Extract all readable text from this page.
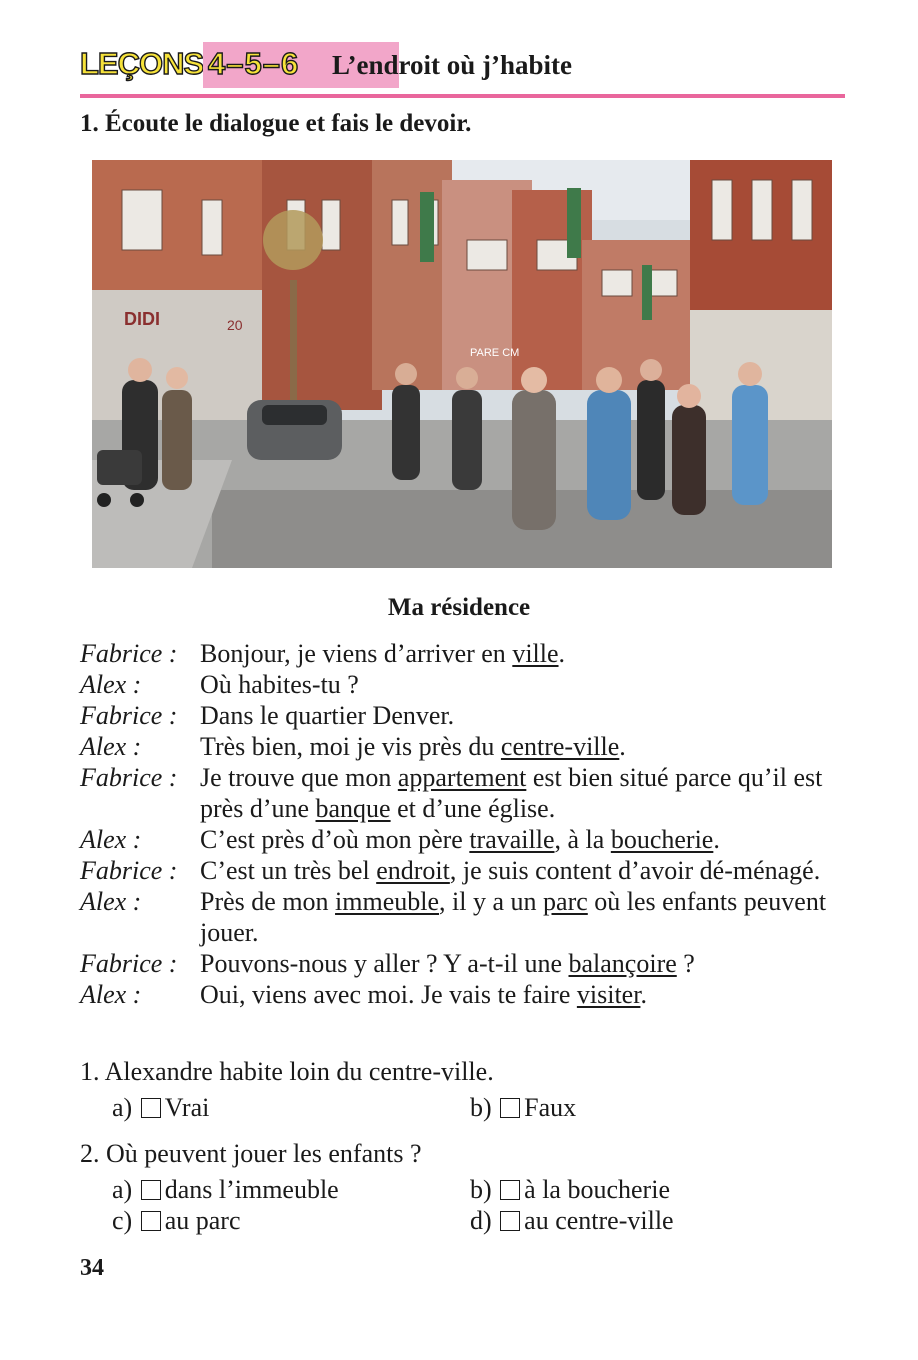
LEÇONS 4–5–6 L’endroit où j’habite
1. Écoute le dialogue et fais le devoir.
DIDI	20
PARE CM
Ma résidence
Fabrice : Bonjour, je viens d’arriver en ville.
Alex :	Où habites-tu ?
Fabrice : Dans le quartier Denver.
Alex :	Très bien, moi je vis près du centre-ville.
Fabrice : Je trouve que mon appartement est bien situé parce qu’il est près d’une banque et d’une église.
Alex :	C’est près d’où mon père travaille, à la boucherie.
Fabrice : C’est un très bel endroit, je suis content d’avoir dé-ménagé.
Alex :	Près de mon immeuble, il y a un parc où les enfants peuvent jouer.
Fabrice : Pouvons-nous y aller ? Y a-t-il une balançoire ?
Alex :	Oui, viens avec moi. Je vais te faire visiter.
1. Alexandre habite loin du centre-ville.
a) Vrai	b) Faux
2. Où peuvent jouer les enfants ?
a) dans l’immeuble	b) à la boucherie
c) au parc	d) au centre-ville
34
